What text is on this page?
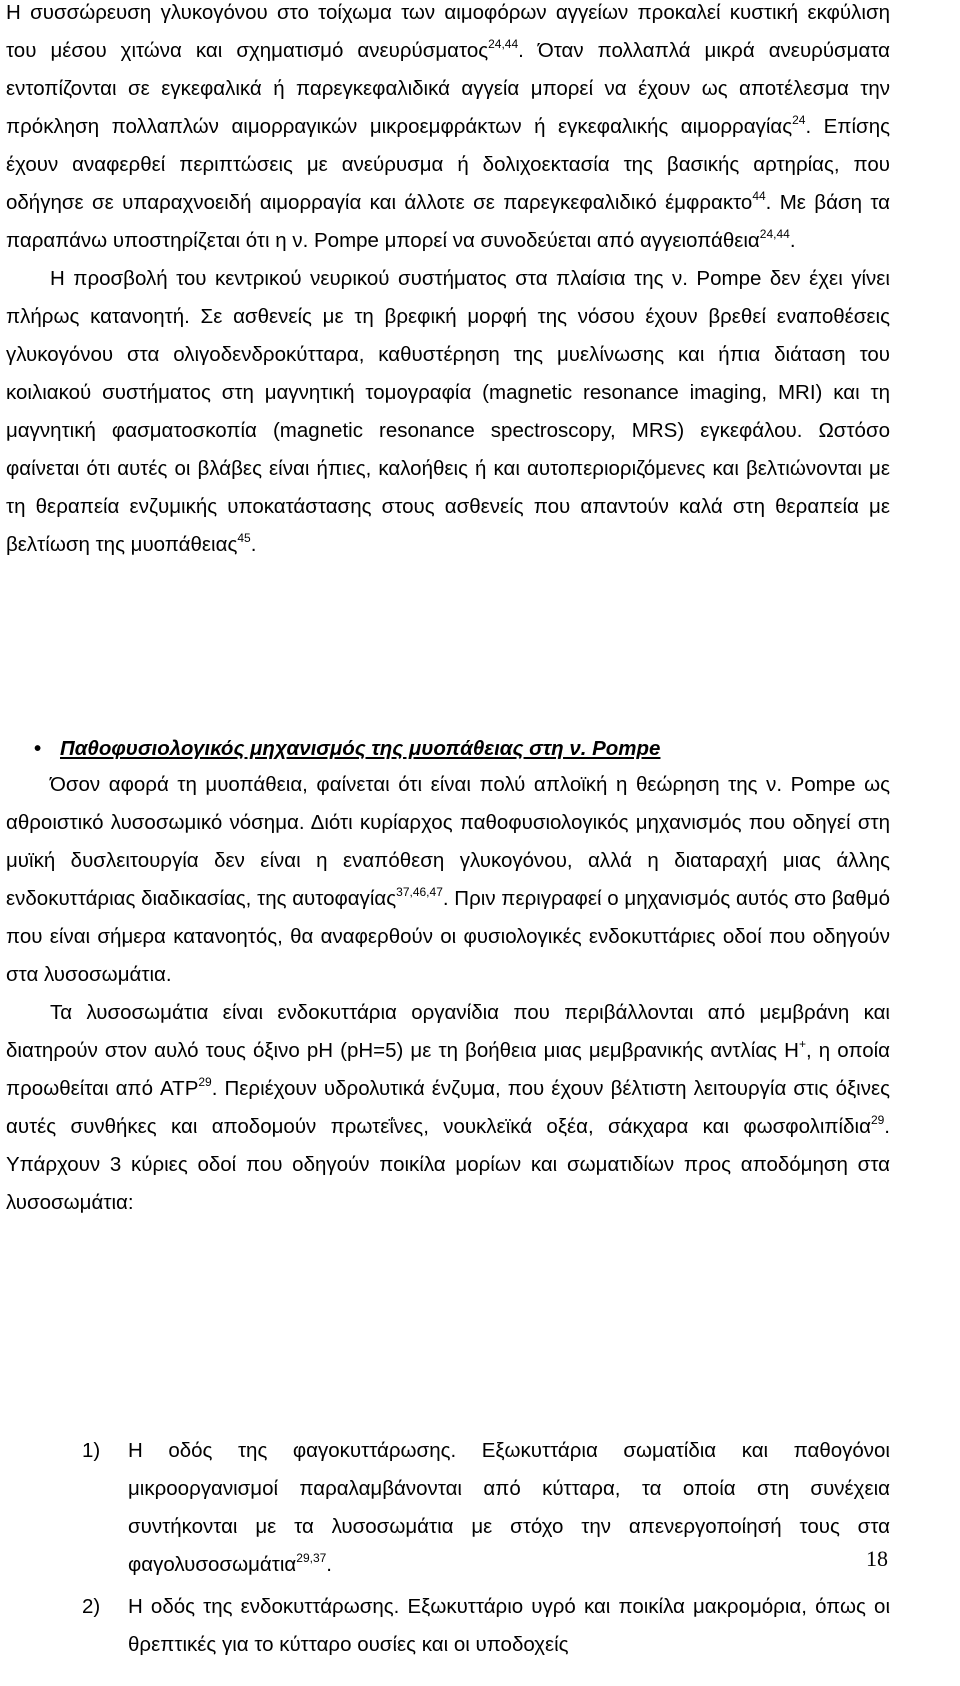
Η συσσώρευση γλυκογόνου στο τοίχωμα των αιμοφόρων αγγείων προκαλεί κυστική εκφύλιση του μέσου χιτώνα και σχηματισμό ανευρύσματος$^{24,44}$. Όταν πολλαπλά μικρά ανευρύσματα εντοπίζονται σε εγκεφαλικά ή παρεγκεφαλιδικά αγγεία μπορεί να έχουν ως αποτέλεσμα την πρόκληση πολλαπλών αιμορραγικών μικροεμφράκτων ή εγκεφαλικής αιμορραγίας$^{24}$. Επίσης έχουν αναφερθεί περιπτώσεις με ανεύρυσμα ή δολιχοεκτασία της βασικής αρτηρίας, που οδήγησε σε υπαραχνοειδή αιμορραγία και άλλοτε σε παρεγκεφαλιδικό έμφρακτο$^{44}$. Με βάση τα παραπάνω υποστηρίζεται ότι η ν. Pompe μπορεί να συνοδεύεται από αγγειοπάθεια$^{24,44}$.

Η προσβολή του κεντρικού νευρικού συστήματος στα πλαίσια της ν. Pompe δεν έχει γίνει πλήρως κατανοητή. Σε ασθενείς με τη βρεφική μορφή της νόσου έχουν βρεθεί εναποθέσεις γλυκογόνου στα ολιγοδενδροκύτταρα, καθυστέρηση της μυελίνωσης και ήπια διάταση του κοιλιακού συστήματος στη μαγνητική τομογραφία (magnetic resonance imaging, MRI) και τη μαγνητική φασματοσκοπία (magnetic resonance spectroscopy, MRS) εγκεφάλου. Ωστόσο φαίνεται ότι αυτές οι βλάβες είναι ήπιες, καλοήθεις ή και αυτοπεριοριζόμενες και βελτιώνονται με τη θεραπεία ενζυμικής υποκατάστασης στους ασθενείς που απαντούν καλά στη θεραπεία με βελτίωση της μυοπάθειας$^{45}$.

• Παθοφυσιολογικός μηχανισμός της μυοπάθειας στη ν. Pompe

Όσον αφορά τη μυοπάθεια, φαίνεται ότι είναι πολύ απλοϊκή η θεώρηση της ν. Pompe ως αθροιστικό λυσοσωμικό νόσημα. Διότι κυρίαρχος παθοφυσιολογικός μηχανισμός που οδηγεί στη μυϊκή δυσλειτουργία δεν είναι η εναπόθεση γλυκογόνου, αλλά η διαταραχή μιας άλλης ενδοκυττάριας διαδικασίας, της αυτοφαγίας$^{37,46,47}$. Πριν περιγραφεί ο μηχανισμός αυτός στο βαθμό που είναι σήμερα κατανοητός, θα αναφερθούν οι φυσιολογικές ενδοκυττάριες οδοί που οδηγούν στα λυσοσωμάτια.

Τα λυσοσωμάτια είναι ενδοκυττάρια οργανίδια που περιβάλλονται από μεμβράνη και διατηρούν στον αυλό τους όξινο pH (pH=5) με τη βοήθεια μιας μεμβρανικής αντλίας H+, η οποία προωθείται από ATP$^{29}$. Περιέχουν υδρολυτικά ένζυμα, που έχουν βέλτιστη λειτουργία στις όξινες αυτές συνθήκες και αποδομούν πρωτεΐνες, νουκλεϊκά οξέα, σάκχαρα και φωσφολιπίδια$^{29}$. Υπάρχουν 3 κύριες οδοί που οδηγούν ποικίλα μορίων και σωματιδίων προς αποδόμηση στα λυσοσωμάτια:

1) Η οδός της φαγοκυττάρωσης. Εξωκυττάρια σωματίδια και παθογόνοι μικροοργανισμοί παραλαμβάνονται από κύτταρα, τα οποία στη συνέχεια συντήκονται με τα λυσοσωμάτια με στόχο την απενεργοποίησή τους στα φαγολυσοσωμάτια$^{29,37}$.
2) Η οδός της ενδοκυττάρωσης. Εξωκυττάριο υγρό και ποικίλα μακρομόρια, όπως οι θρεπτικές για το κύτταρο ουσίες και οι υποδοχείς
18
